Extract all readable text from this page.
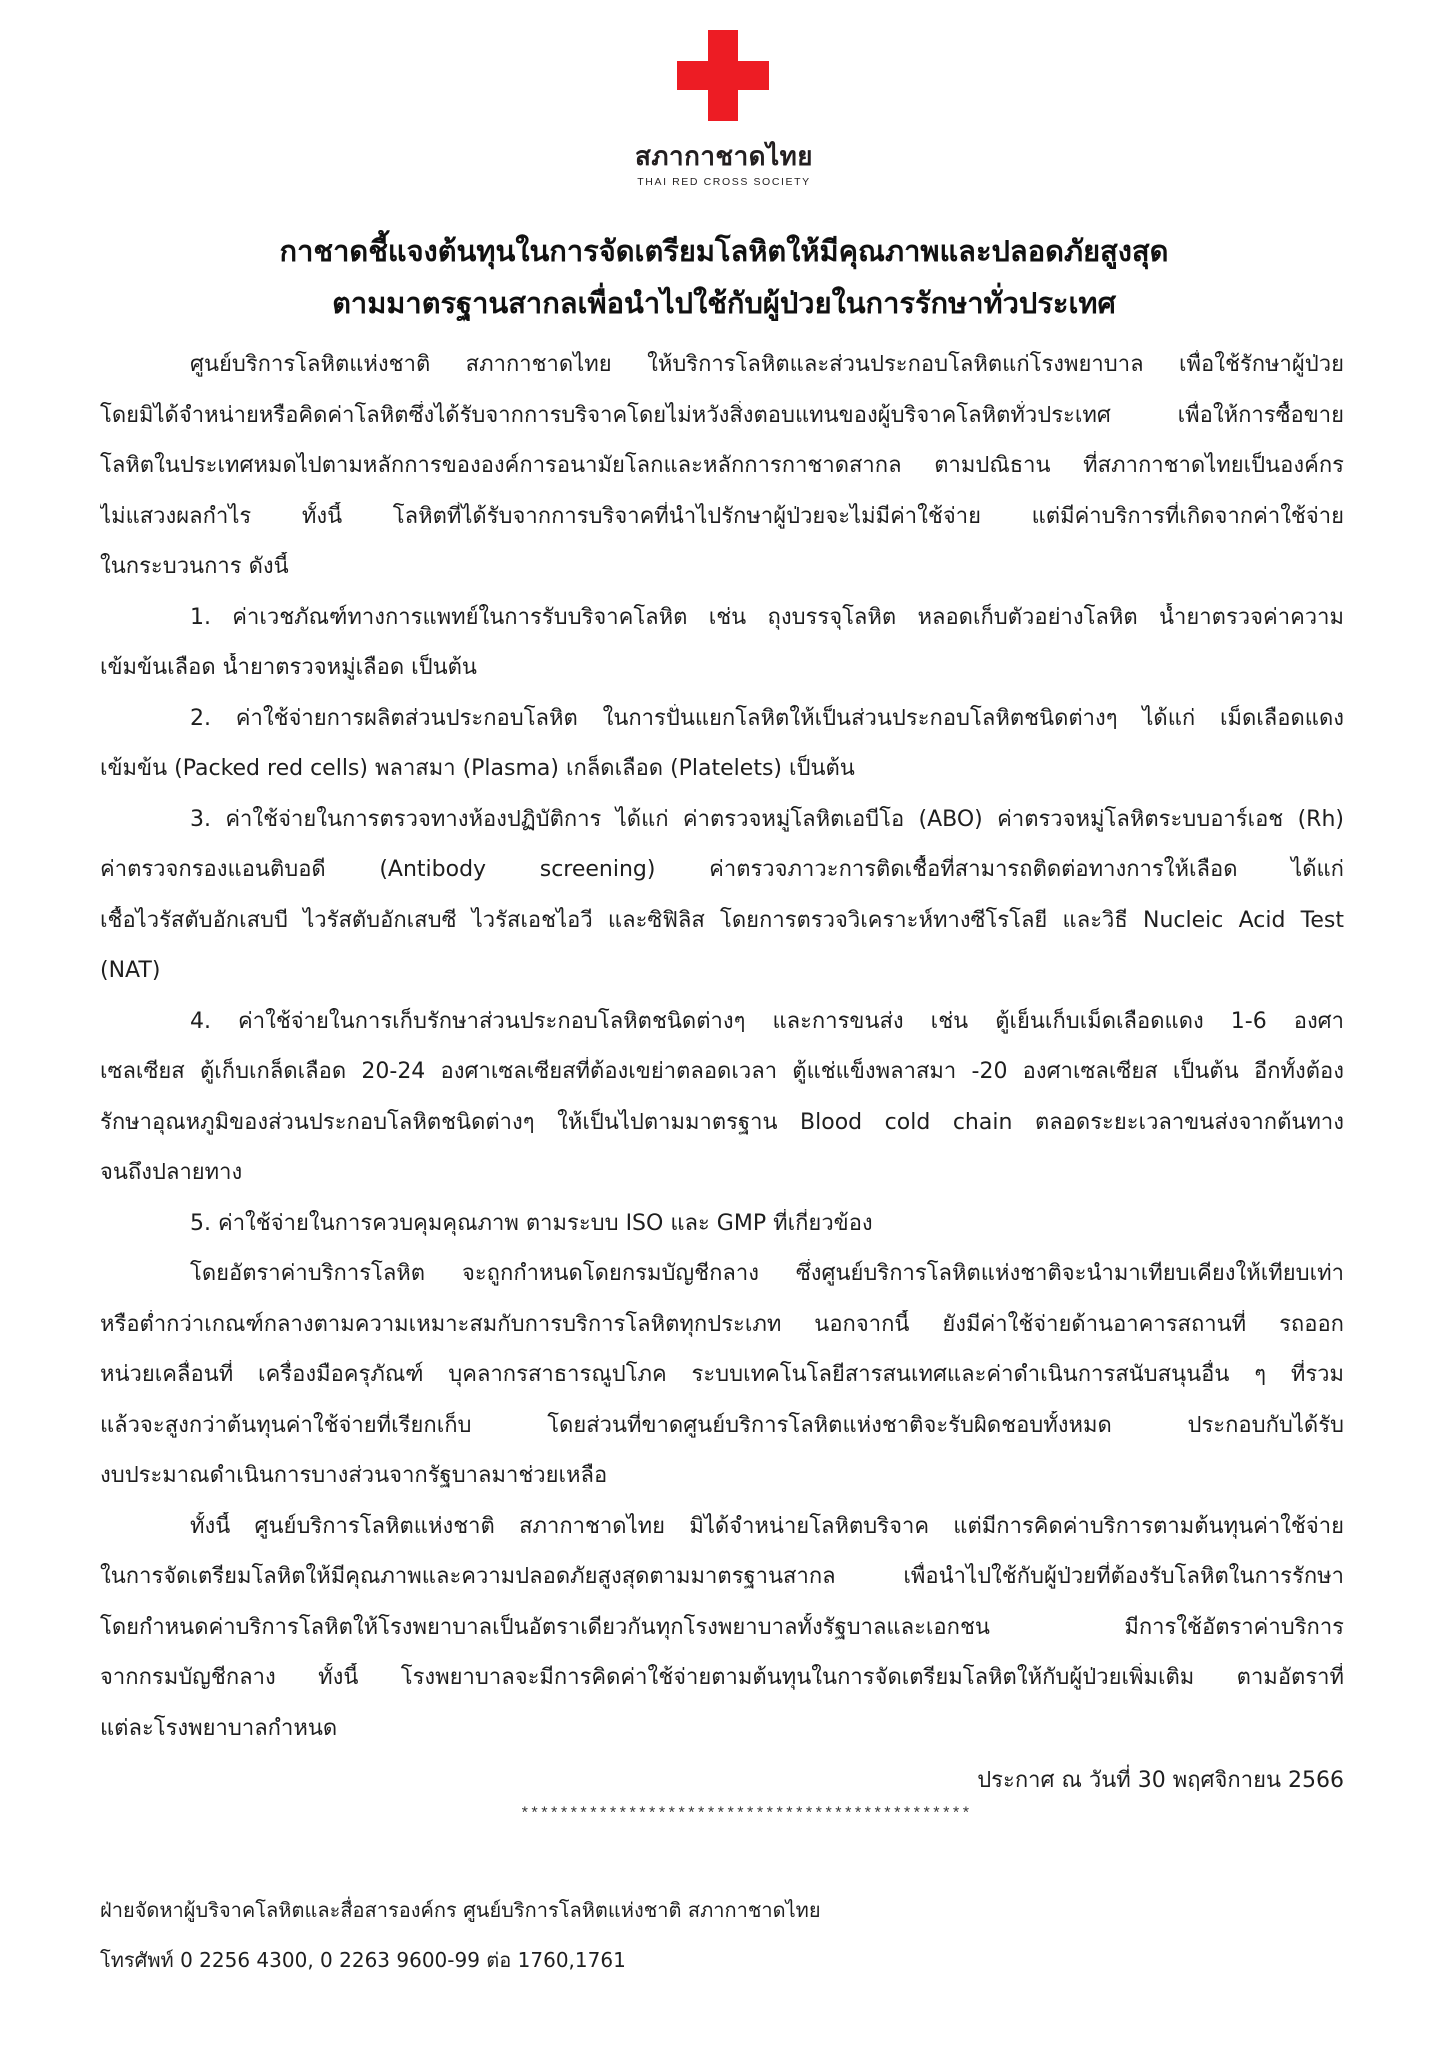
สภากาชาดไทย
THAI RED CROSS SOCIETY
กาชาดชี้แจงต้นทุนในการจัดเตรียมโลหิตให้มีคุณภาพและปลอดภัยสูงสุด
ตามมาตรฐานสากลเพื่อนำไปใช้กับผู้ป่วยในการรักษาทั่วประเทศ
ศูนย์บริการโลหิตแห่งชาติ สภากาชาดไทย ให้บริการโลหิตและส่วนประกอบโลหิตแก่โรงพยาบาล เพื่อใช้รักษาผู้ป่วย
โดยมิได้จำหน่ายหรือคิดค่าโลหิตซึ่งได้รับจากการบริจาคโดยไม่หวังสิ่งตอบแทนของผู้บริจาคโลหิตทั่วประเทศ เพื่อให้การซื้อขาย
โลหิตในประเทศหมดไปตามหลักการขององค์การอนามัยโลกและหลักการกาชาดสากล ตามปณิธาน ที่สภากาชาดไทยเป็นองค์กร
ไม่แสวงผลกำไร ทั้งนี้ โลหิตที่ได้รับจากการบริจาคที่นำไปรักษาผู้ป่วยจะไม่มีค่าใช้จ่าย แต่มีค่าบริการที่เกิดจากค่าใช้จ่าย
ในกระบวนการ ดังนี้
1. ค่าเวชภัณฑ์ทางการแพทย์ในการรับบริจาคโลหิต เช่น ถุงบรรจุโลหิต หลอดเก็บตัวอย่างโลหิต น้ำยาตรวจค่าความ
เข้มข้นเลือด น้ำยาตรวจหมู่เลือด เป็นต้น
2. ค่าใช้จ่ายการผลิตส่วนประกอบโลหิต ในการปั่นแยกโลหิตให้เป็นส่วนประกอบโลหิตชนิดต่างๆ ได้แก่ เม็ดเลือดแดง
เข้มข้น (Packed red cells) พลาสมา (Plasma) เกล็ดเลือด (Platelets) เป็นต้น
3. ค่าใช้จ่ายในการตรวจทางห้องปฏิบัติการ ได้แก่ ค่าตรวจหมู่โลหิตเอบีโอ (ABO) ค่าตรวจหมู่โลหิตระบบอาร์เอช (Rh)
ค่าตรวจกรองแอนติบอดี (Antibody screening) ค่าตรวจภาวะการติดเชื้อที่สามารถติดต่อทางการให้เลือด ได้แก่
เชื้อไวรัสตับอักเสบบี ไวรัสตับอักเสบซี ไวรัสเอชไอวี และซิฟิลิส โดยการตรวจวิเคราะห์ทางซีโรโลยี และวิธี Nucleic Acid Test
(NAT)
4. ค่าใช้จ่ายในการเก็บรักษาส่วนประกอบโลหิตชนิดต่างๆ และการขนส่ง เช่น ตู้เย็นเก็บเม็ดเลือดแดง 1-6 องศา
เซลเซียส ตู้เก็บเกล็ดเลือด 20-24 องศาเซลเซียสที่ต้องเขย่าตลอดเวลา ตู้แช่แข็งพลาสมา -20 องศาเซลเซียส เป็นต้น อีกทั้งต้อง
รักษาอุณหภูมิของส่วนประกอบโลหิตชนิดต่างๆ ให้เป็นไปตามมาตรฐาน Blood cold chain ตลอดระยะเวลาขนส่งจากต้นทาง
จนถึงปลายทาง
5. ค่าใช้จ่ายในการควบคุมคุณภาพ ตามระบบ ISO และ GMP ที่เกี่ยวข้อง
โดยอัตราค่าบริการโลหิต จะถูกกำหนดโดยกรมบัญชีกลาง ซึ่งศูนย์บริการโลหิตแห่งชาติจะนำมาเทียบเคียงให้เทียบเท่า
หรือต่ำกว่าเกณฑ์กลางตามความเหมาะสมกับการบริการโลหิตทุกประเภท นอกจากนี้ ยังมีค่าใช้จ่ายด้านอาคารสถานที่ รถออก
หน่วยเคลื่อนที่ เครื่องมือครุภัณฑ์ บุคลากรสาธารณูปโภค ระบบเทคโนโลยีสารสนเทศและค่าดำเนินการสนับสนุนอื่น ๆ ที่รวม
แล้วจะสูงกว่าต้นทุนค่าใช้จ่ายที่เรียกเก็บ โดยส่วนที่ขาดศูนย์บริการโลหิตแห่งชาติจะรับผิดชอบทั้งหมด ประกอบกับได้รับ
งบประมาณดำเนินการบางส่วนจากรัฐบาลมาช่วยเหลือ
ทั้งนี้ ศูนย์บริการโลหิตแห่งชาติ สภากาชาดไทย มิได้จำหน่ายโลหิตบริจาค แต่มีการคิดค่าบริการตามต้นทุนค่าใช้จ่าย
ในการจัดเตรียมโลหิตให้มีคุณภาพและความปลอดภัยสูงสุดตามมาตรฐานสากล เพื่อนำไปใช้กับผู้ป่วยที่ต้องรับโลหิตในการรักษา
โดยกำหนดค่าบริการโลหิตให้โรงพยาบาลเป็นอัตราเดียวกันทุกโรงพยาบาลทั้งรัฐบาลและเอกชน มีการใช้อัตราค่าบริการ
จากกรมบัญชีกลาง ทั้งนี้ โรงพยาบาลจะมีการคิดค่าใช้จ่ายตามต้นทุนในการจัดเตรียมโลหิตให้กับผู้ป่วยเพิ่มเติม ตามอัตราที่
แต่ละโรงพยาบาลกำหนด
ประกาศ ณ วันที่ 30 พฤศจิกายน 2566
**********************************************
ฝ่ายจัดหาผู้บริจาคโลหิตและสื่อสารองค์กร ศูนย์บริการโลหิตแห่งชาติ สภากาชาดไทย
โทรศัพท์ 0 2256 4300, 0 2263 9600-99 ต่อ 1760,1761
